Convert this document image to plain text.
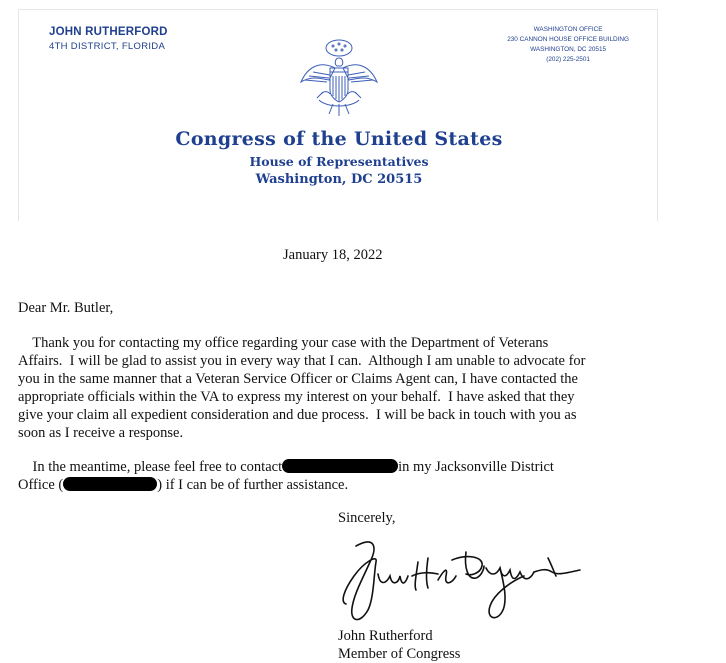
JOHN RUTHERFORD
4TH DISTRICT, FLORIDA
WASHINGTON OFFICE
230 CANNON HOUSE OFFICE BUILDING
WASHINGTON, DC 20515
(202) 225-2501
Congress of the United States
House of Representatives
Washington, DC 20515
January 18, 2022
Dear Mr. Butler,
Thank you for contacting my office regarding your case with the Department of Veterans
Affairs.  I will be glad to assist you in every way that I can.  Although I am unable to advocate for
you in the same manner that a Veteran Service Officer or Claims Agent can, I have contacted the
appropriate officials within the VA to express my interest on your behalf.  I have asked that they
give your claim all expedient consideration and due process.  I will be back in touch with you as
soon as I receive a response.
In the meantime, please feel free to contact	in my Jacksonville District
Office (	) if I can be of further assistance.
Sincerely,
John Rutherford
Member of Congress
